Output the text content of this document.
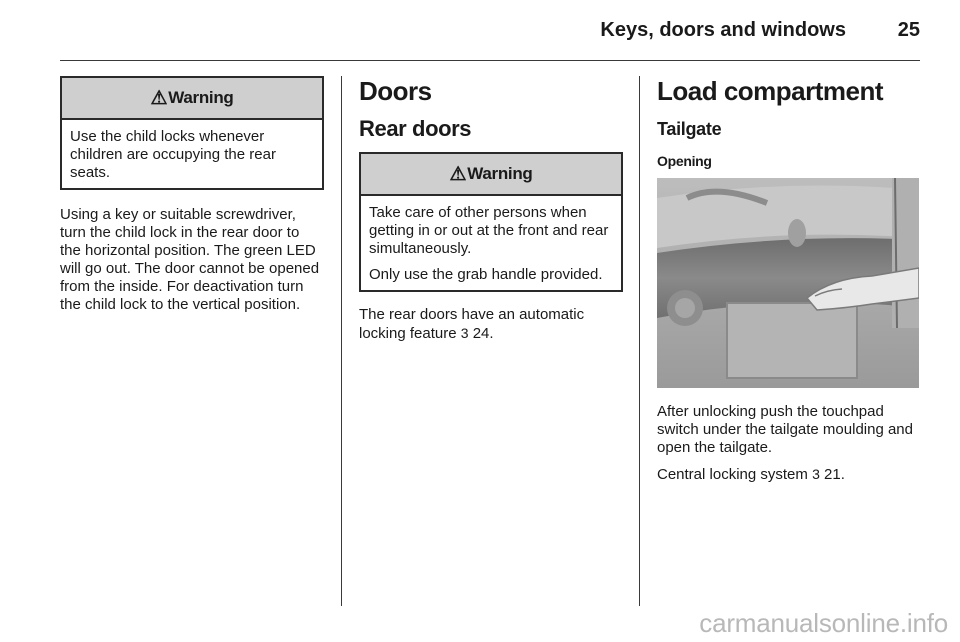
Keys, doors and windows	25
⚠ Warning

Use the child locks whenever children are occupying the rear seats.

Using a key or suitable screwdriver, turn the child lock in the rear door to the horizontal position. The green LED will go out. The door cannot be opened from the inside. For deactivation turn the child lock to the vertical position.

Doors
Rear doors
⚠ Warning

Take care of other persons when getting in or out at the front and rear simultaneously.

Only use the grab handle provided.

The rear doors have an automatic locking feature 3 24.

Load compartment
Tailgate
Opening

After unlocking push the touchpad switch under the tailgate moulding and open the tailgate.

Central locking system 3 21.

carmanualsonline.info
